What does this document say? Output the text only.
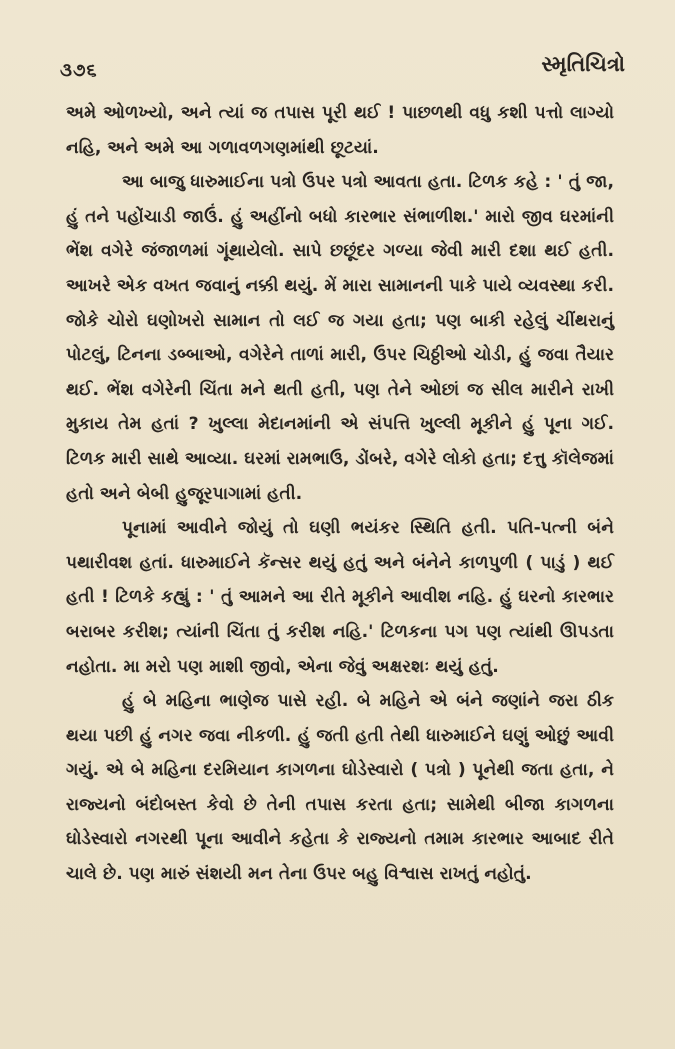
૩૭૬	સ્મૃતિચિત્રો

અમે ઓળખ્યો, અને ત્યાં જ તપાસ પૂરી થઈ ! પાછળથી વધુ કશી પત્તો લાગ્યો નહિ, અને અમે આ ગળાવળગણમાંથી છૂટયાં.

આ બાજુ ધારુમાઈના પત્રો ઉપર પત્રો આવતા હતા. ટિળક કહે : ' તું જા, હું તને પહોંચાડી જાઉં. હું અહીંનો બધો કારભાર સંભાળીશ.' મારો જીવ ઘરમાંની ભેંશ વગેરે જંજાળમાં ગૂંથાયેલો. સાપે છછૂંદર ગળ્યા જેવી મારી દશા થઈ હતી. આખરે એક વખત જવાનું નક્કી થયું. મેં મારા સામાનની પાકે પાયે વ્યવસ્થા કરી. જોકે ચોરો ઘણોખરો સામાન તો લઈ જ ગયા હતા; પણ બાકી રહેલું ચીંથરાનું પોટલું, ટિનના ડબ્બાઓ, વગેરેને તાળાં મારી, ઉપર ચિઠ્ઠીઓ ચોડી, હું જવા તૈયાર થઈ. ભેંશ વગેરેની ચિંતા મને થતી હતી, પણ તેને ઓછાં જ સીલ મારીને રાખી મુકાય તેમ હતાં ? ખુલ્લા મેદાનમાંની એ સંપત્તિ ખુલ્લી મૂકીને હું પૂના ગઈ. ટિળક મારી સાથે આવ્યા. ઘરમાં રામભાઉ, ડોંબરે, વગેરે લોકો હતા; દત્તુ કૉલેજમાં હતો અને બેબી હુજૂરપાગામાં હતી.

પૂનામાં આવીને જોયું તો ઘણી ભયંકર સ્થિતિ હતી. પતિ-પત્ની બંને પથારીવશ હતાં. ધારુમાઈને કૅન્સર થયું હતું અને બંનેને કાળપુળી ( પાડું ) થઈ હતી ! ટિળકે કહ્યું : ' તું આમને આ રીતે મૂકીને આવીશ નહિ. હું ઘરનો કારભાર બરાબર કરીશ; ત્યાંની ચિંતા તું કરીશ નહિ.' ટિળકના પગ પણ ત્યાંથી ઊપડતા નહોતા. મા મરો પણ માશી જીવો, એના જેવું અક્ષરશઃ થયું હતું.

હું બે મહિના ભાણેજ પાસે રહી. બે મહિને એ બંને જણાંને જરા ઠીક થયા પછી હું નગર જવા નીકળી. હું જતી હતી તેથી ધારુમાઈને ઘણું ઓછું આવી ગયું. એ બે મહિના દરમિયાન કાગળના ઘોડેસ્વારો ( પત્રો ) પૂનેથી જતા હતા, ને રાજ્યનો બંદોબસ્ત કેવો છે તેની તપાસ કરતા હતા; સામેથી બીજા કાગળના ઘોડેસ્વારો નગરથી પૂના આવીને કહેતા કે રાજ્યનો તમામ કારભાર આબાદ રીતે ચાલે છે. પણ મારું સંશયી મન તેના ઉપર બહુ વિશ્વાસ રાખતું નહોતું.
